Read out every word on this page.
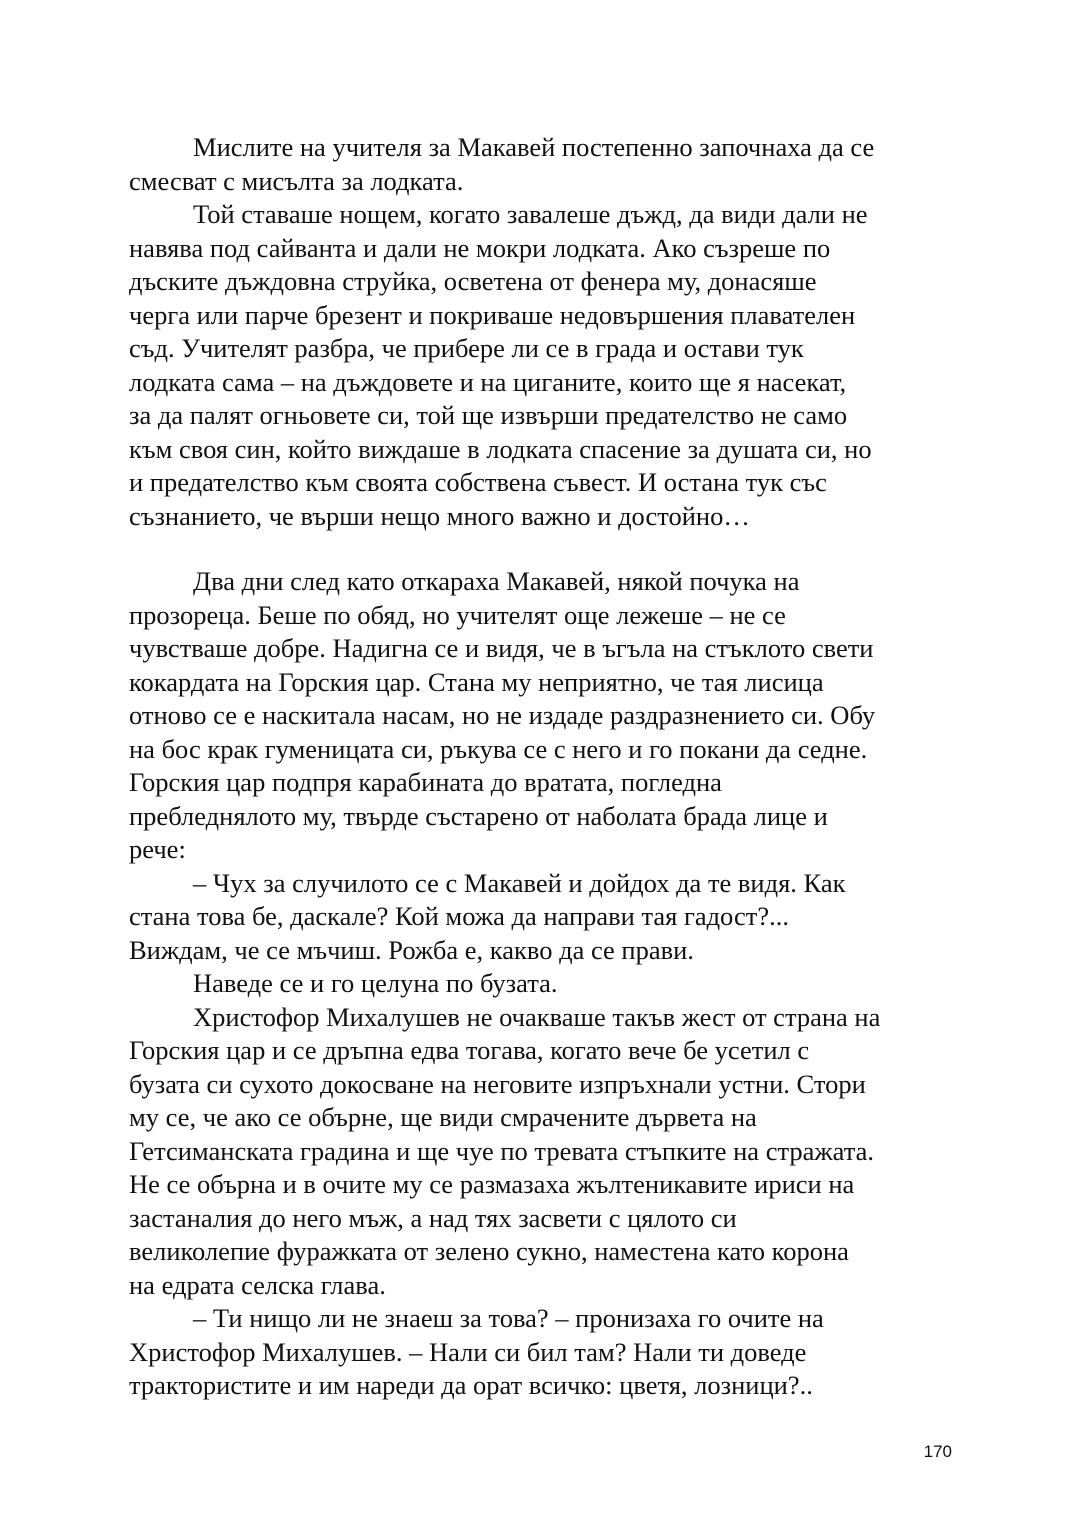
Мислите на учителя за Макавей постепенно започнаха да се
смесват с мисълта за лодката.
Той ставаше нощем, когато завалеше дъжд, да види дали не
навява под сайванта и дали не мокри лодката. Ако съзреше по
дъските дъждовна струйка, осветена от фенера му, донасяше
черга или парче брезент и покриваше недовършения плавателен
съд. Учителят разбра, че прибере ли се в града и остави тук
лодката сама – на дъждовете и на циганите, които ще я насекат,
за да палят огньовете си, той ще извърши предателство не само
към своя син, който виждаше в лодката спасение за душата си, но
и предателство към своята собствена съвест. И остана тук със
съзнанието, че върши нещо много важно и достойно…
Два дни след като откараха Макавей, някой почука на
прозореца. Беше по обяд, но учителят още лежеше – не се
чувстваше добре. Надигна се и видя, че в ъгъла на стъклото свети
кокардата на Горския цар. Стана му неприятно, че тая лисица
отново се е наскитала насам, но не издаде раздразнението си. Обу
на бос крак гуменицата си, ръкува се с него и го покани да седне.
Горския цар подпря карабината до вратата, погледна
пребледнялото му, твърде състарено от наболата брада лице и
рече:
– Чух за случилото се с Макавей и дойдох да те видя. Как
стана това бе, даскале? Кой можа да направи тая гадост?...
Виждам, че се мъчиш. Рожба е, какво да се прави.
Наведе се и го целуна по бузата.
Христофор Михалушев не очакваше такъв жест от страна на
Горския цар и се дръпна едва тогава, когато вече бе усетил с
бузата си сухото докосване на неговите изпръхнали устни. Стори
му се, че ако се обърне, ще види смрачените дървета на
Гетсиманската градина и ще чуе по тревата стъпките на стражата.
Не се обърна и в очите му се размазаха жълтеникавите ириси на
застаналия до него мъж, а над тях засвети с цялото си
великолепие фуражката от зелено сукно, наместена като корона
на едрата селска глава.
– Ти нищо ли не знаеш за това? – пронизаха го очите на
Христофор Михалушев. – Нали си бил там? Нали ти доведе
трактористите и им нареди да орат всичко: цветя, лозници?..
170
